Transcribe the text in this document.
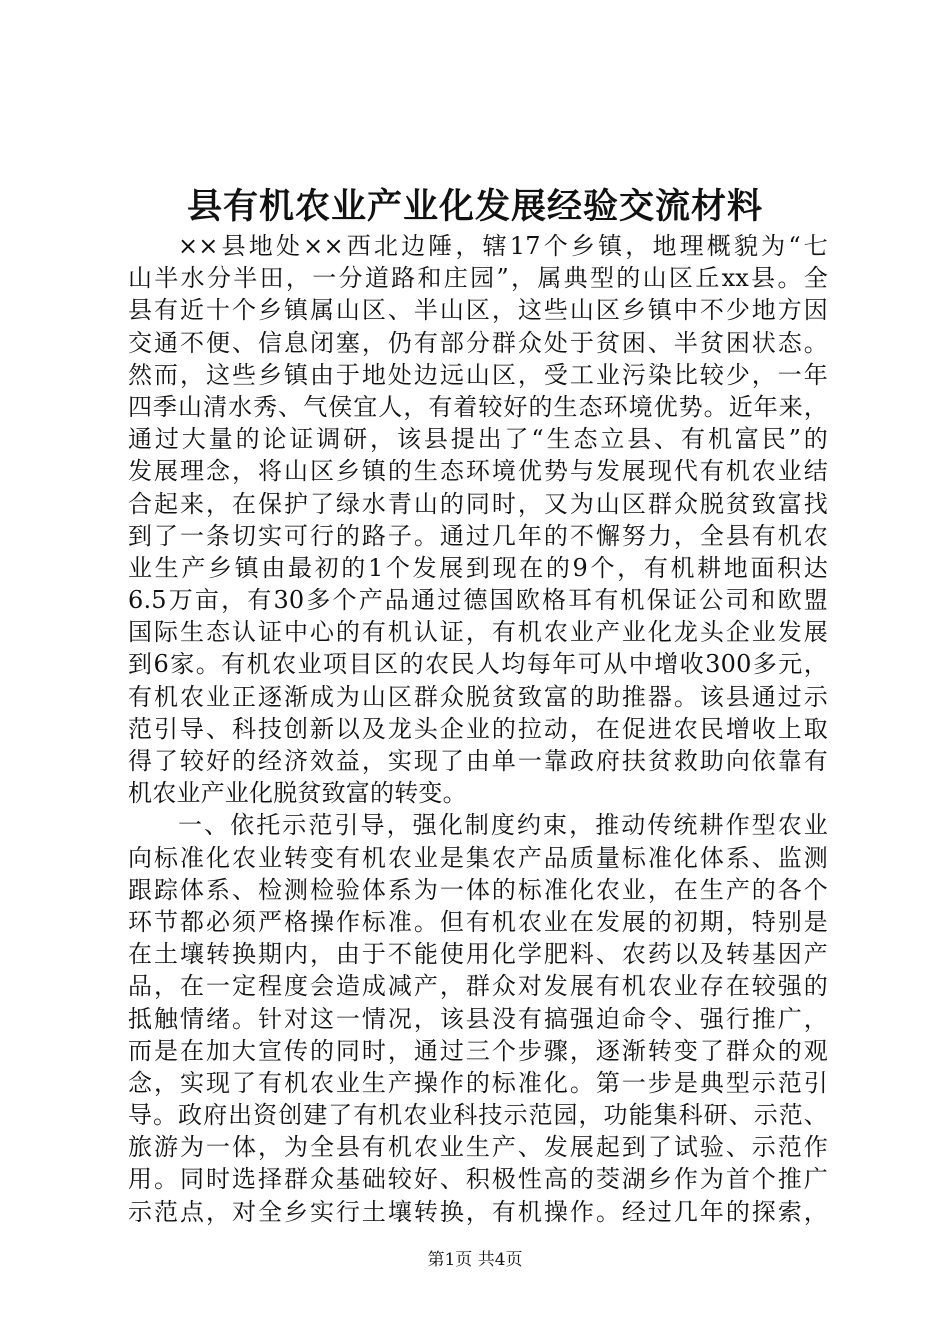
县有机农业产业化发展经验交流材料
××县地处××西北边陲，辖17个乡镇，地理概貌为“七
山半水分半田，一分道路和庄园”，属典型的山区丘xx县。全
县有近十个乡镇属山区、半山区，这些山区乡镇中不少地方因
交通不便、信息闭塞，仍有部分群众处于贫困、半贫困状态。
然而，这些乡镇由于地处边远山区，受工业污染比较少，一年
四季山清水秀、气侯宜人，有着较好的生态环境优势。近年来，
通过大量的论证调研，该县提出了“生态立县、有机富民”的
发展理念，将山区乡镇的生态环境优势与发展现代有机农业结
合起来，在保护了绿水青山的同时，又为山区群众脱贫致富找
到了一条切实可行的路子。通过几年的不懈努力，全县有机农
业生产乡镇由最初的1个发展到现在的9个，有机耕地面积达
6.5万亩，有30多个产品通过德国欧格耳有机保证公司和欧盟
国际生态认证中心的有机认证，有机农业产业化龙头企业发展
到6家。有机农业项目区的农民人均每年可从中增收300多元，
有机农业正逐渐成为山区群众脱贫致富的助推器。该县通过示
范引导、科技创新以及龙头企业的拉动，在促进农民增收上取
得了较好的经济效益，实现了由单一靠政府扶贫救助向依靠有
机农业产业化脱贫致富的转变。
一、依托示范引导，强化制度约束，推动传统耕作型农业
向标准化农业转变有机农业是集农产品质量标准化体系、监测
跟踪体系、检测检验体系为一体的标准化农业，在生产的各个
环节都必须严格操作标准。但有机农业在发展的初期，特别是
在土壤转换期内，由于不能使用化学肥料、农药以及转基因产
品，在一定程度会造成减产，群众对发展有机农业存在较强的
抵触情绪。针对这一情况，该县没有搞强迫命令、强行推广，
而是在加大宣传的同时，通过三个步骤，逐渐转变了群众的观
念，实现了有机农业生产操作的标准化。第一步是典型示范引
导。政府出资创建了有机农业科技示范园，功能集科研、示范、
旅游为一体，为全县有机农业生产、发展起到了试验、示范作
用。同时选择群众基础较好、积极性高的茭湖乡作为首个推广
示范点，对全乡实行土壤转换，有机操作。经过几年的探索，
第1页 共4页
